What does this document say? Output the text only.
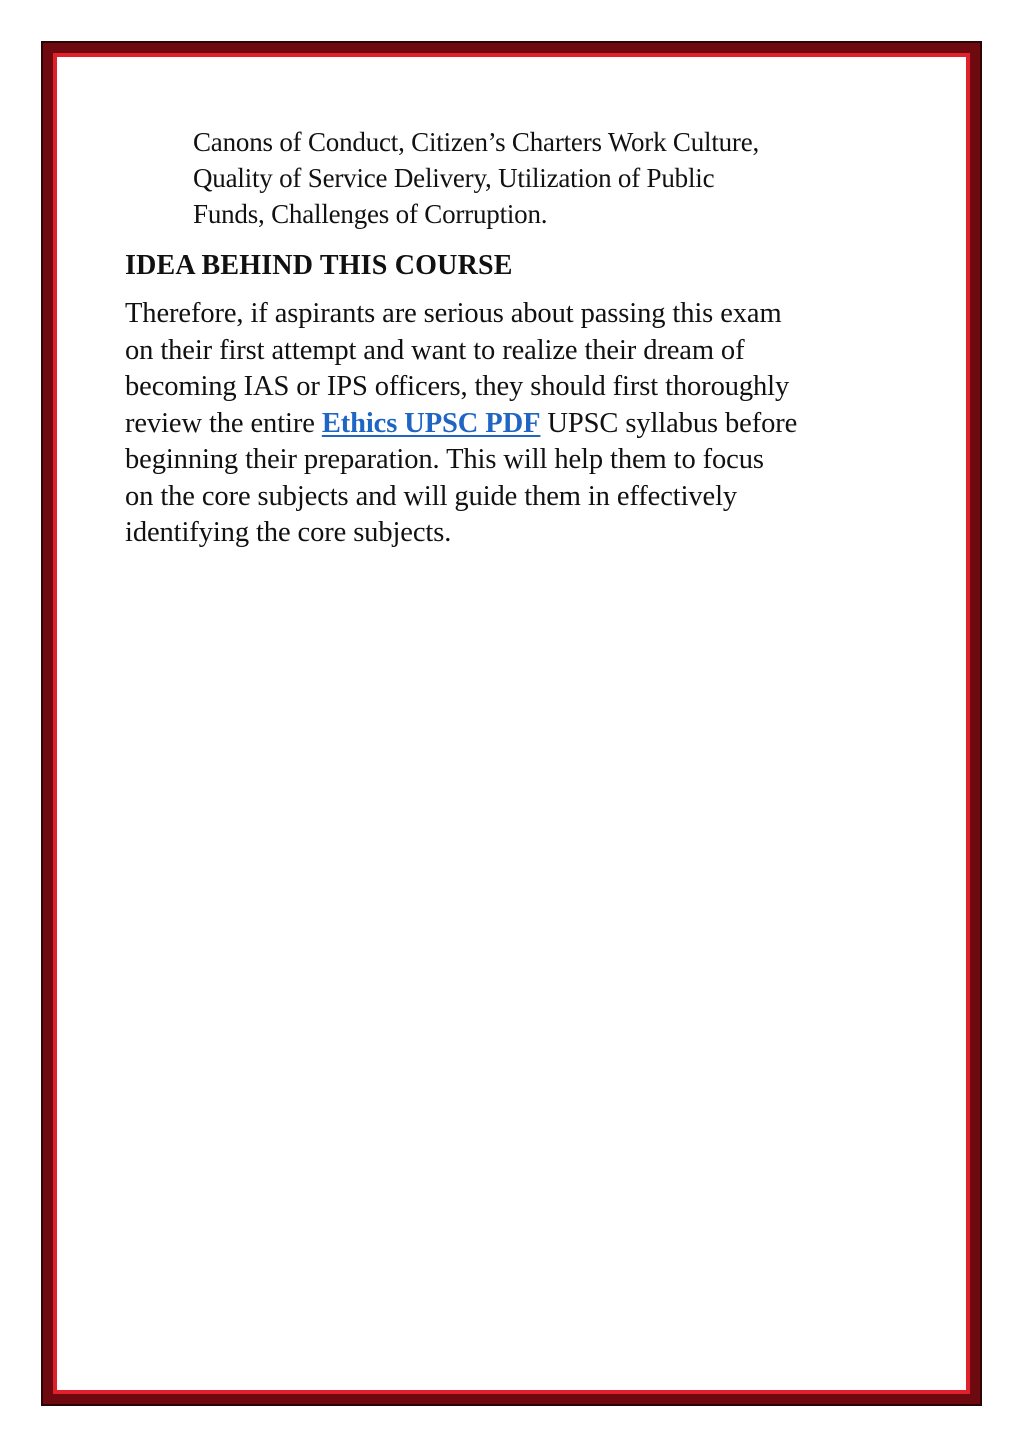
Canons of Conduct, Citizen’s Charters Work Culture,
Quality of Service Delivery, Utilization of Public
Funds, Challenges of Corruption.

IDEA BEHIND THIS COURSE

Therefore, if aspirants are serious about passing this exam
on their first attempt and want to realize their dream of
becoming IAS or IPS officers, they should first thoroughly
review the entire Ethics UPSC PDF UPSC syllabus before
beginning their preparation. This will help them to focus
on the core subjects and will guide them in effectively
identifying the core subjects.
